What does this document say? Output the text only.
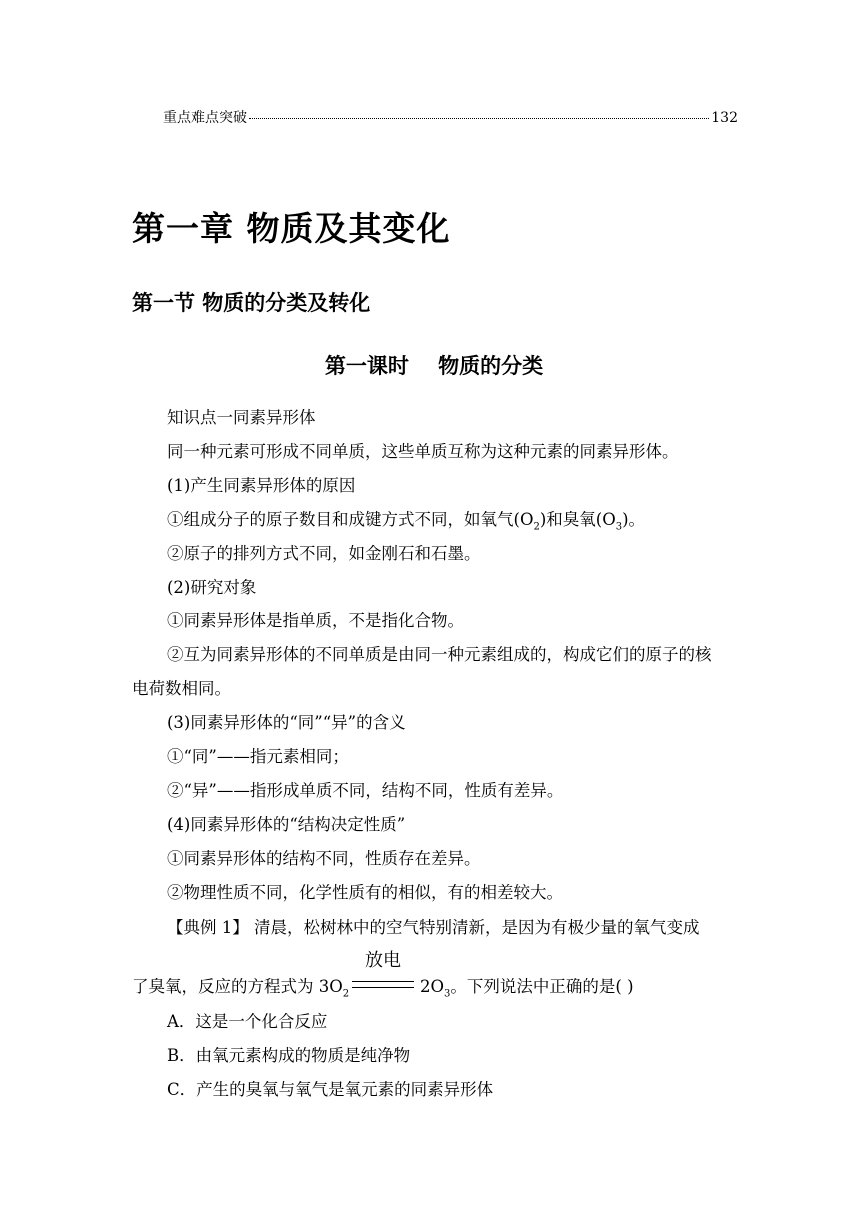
重点难点突破	132
第一章 物质及其变化
第一节 物质的分类及转化
第一课时    物质的分类
知识点一同素异形体
同一种元素可形成不同单质，这些单质互称为这种元素的同素异形体。
(1)产生同素异形体的原因
①组成分子的原子数目和成键方式不同，如氧气$(O_2)$和臭氧$(O_3)$。
②原子的排列方式不同，如金刚石和石墨。
(2)研究对象
①同素异形体是指单质，不是指化合物。
②互为同素异形体的不同单质是由同一种元素组成的，构成它们的原子的核
电荷数相同。
(3)同素异形体的“同”“异”的含义
①“同”——指元素相同；
②“异”——指形成单质不同，结构不同，性质有差异。
(4)同素异形体的“结构决定性质”
①同素异形体的结构不同，性质存在差异。
②物理性质不同，化学性质有的相似，有的相差较大。
【典例 1】 清晨，松树林中的空气特别清新，是因为有极少量的氧气变成
了臭氧，反应的方程式为 $3O_2$
放电
$2O_3$。下列说法中正确的是( )
A．这是一个化合反应
B．由氧元素构成的物质是纯净物
C．产生的臭氧与氧气是氧元素的同素异形体
